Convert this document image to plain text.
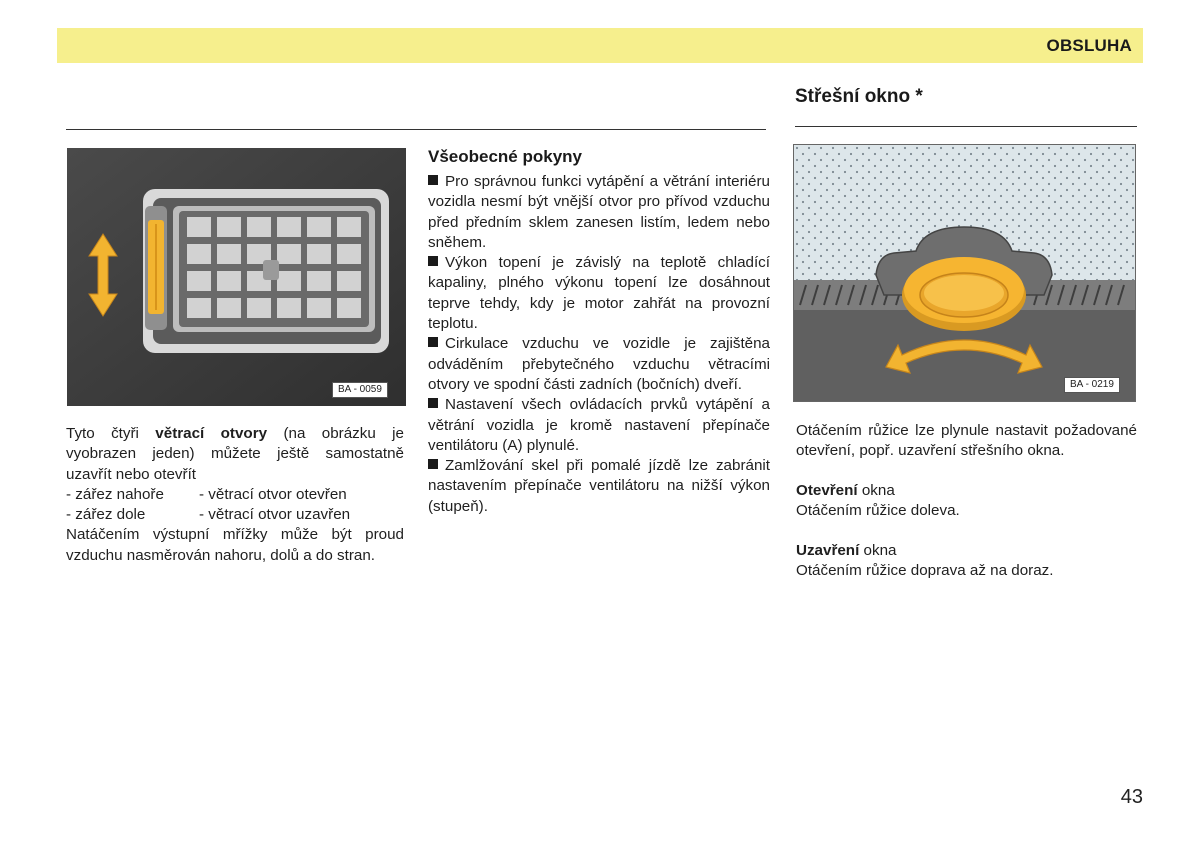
OBSLUHA
Střešní okno *
BA - 0059

Tyto čtyři větrací otvory (na obrázku je vyobrazen jeden) můžete ještě samostatně uzavřít nebo otevřít

- zářez nahoře	- větrací otvor otevřen
- zářez dole	- větrací otvor uzavřen

Natáčením výstupní mřížky může být proud vzduchu nasměrován nahoru, dolů a do stran.

Všeobecné pokyny

Pro správnou funkci vytápění a větrání interiéru vozidla nesmí být vnější otvor pro přívod vzduchu před předním sklem zanesen listím, ledem nebo sněhem.

Výkon topení je závislý na teplotě chladící kapaliny, plného výkonu topení lze dosáhnout teprve tehdy, kdy je motor zahřát na provozní teplotu.

Cirkulace vzduchu ve vozidle je zajištěna odváděním přebytečného vzduchu větracími otvory ve spodní části zadních (bočních) dveří.

Nastavení všech ovládacích prvků vytápění a větrání vozidla je kromě nastavení přepínače ventilátoru (A) plynulé.

Zamlžování skel při pomalé jízdě lze zabránit nastavením přepínače ventilátoru na nižší výkon (stupeň).

BA - 0219

Otáčením růžice lze plynule nastavit požadované otevření, popř. uzavření střešního okna.

Otevření okna

Otáčením růžice doleva.

Uzavření okna

Otáčením růžice doprava až na doraz.

43
